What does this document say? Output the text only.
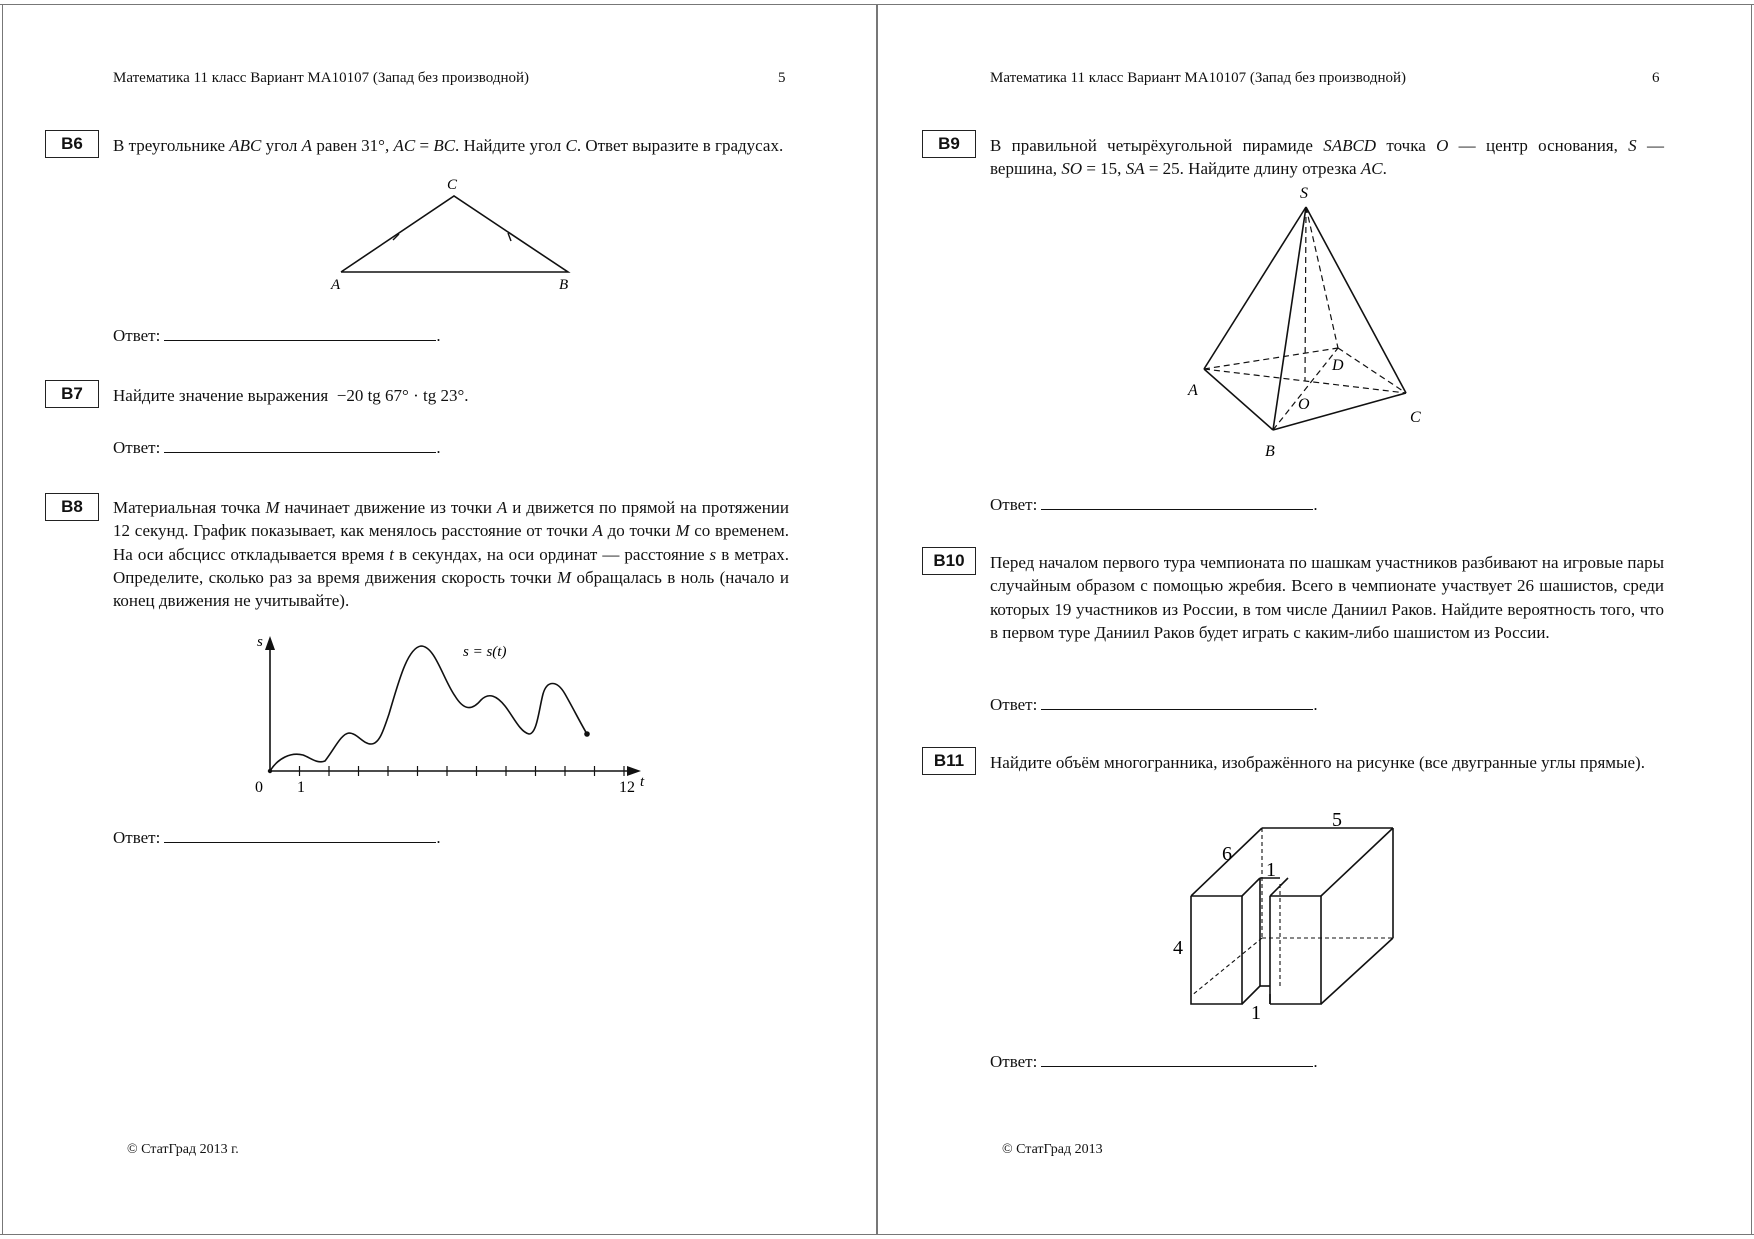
Математика 11 класс Вариант МА10107 (Запад без производной)	5
B6	В треугольнике ABC угол A равен 31°, AC = BC. Найдите угол C. Ответ выразите в градусах.
A	B
C
Ответ:	.
B7	Найдите значение выражения −20 tg 67° · tg 23°.
Ответ:	.
B8	Материальная точка M начинает движение из точки A и движется по прямой на протяжении 12 секунд. График показывает, как менялось расстояние от точки A до точки M со временем. На оси абсцисс откладывается время t в секундах, на оси ординат — расстояние s в метрах. Определите, сколько раз за время движения скорость точки M обращалась в ноль (начало и конец движения не учитывайте).
s = s(t)
s
t
0 1	12
Ответ:	.
© СтатГрад 2013 г.
Математика 11 класс Вариант МА10107 (Запад без производной)	6
B9	В правильной четырёхугольной пирамиде SABCD точка O — центр основания, S — вершина, SO = 15, SA = 25. Найдите длину отрезка AC.
S
A
B
C
D
O
Ответ:	.
B10	Перед началом первого тура чемпионата по шашкам участников разбивают на игровые пары случайным образом с помощью жребия. Всего в чемпионате участвует 26 шашистов, среди которых 19 участников из России, в том числе Даниил Раков. Найдите вероятность того, что в первом туре Даниил Раков будет играть с каким-либо шашистом из России.
Ответ:	.
B11	Найдите объём многогранника, изображённого на рисунке (все двугранные углы прямые).
5
6
4
1
1
Ответ:	.
© СтатГрад 2013
